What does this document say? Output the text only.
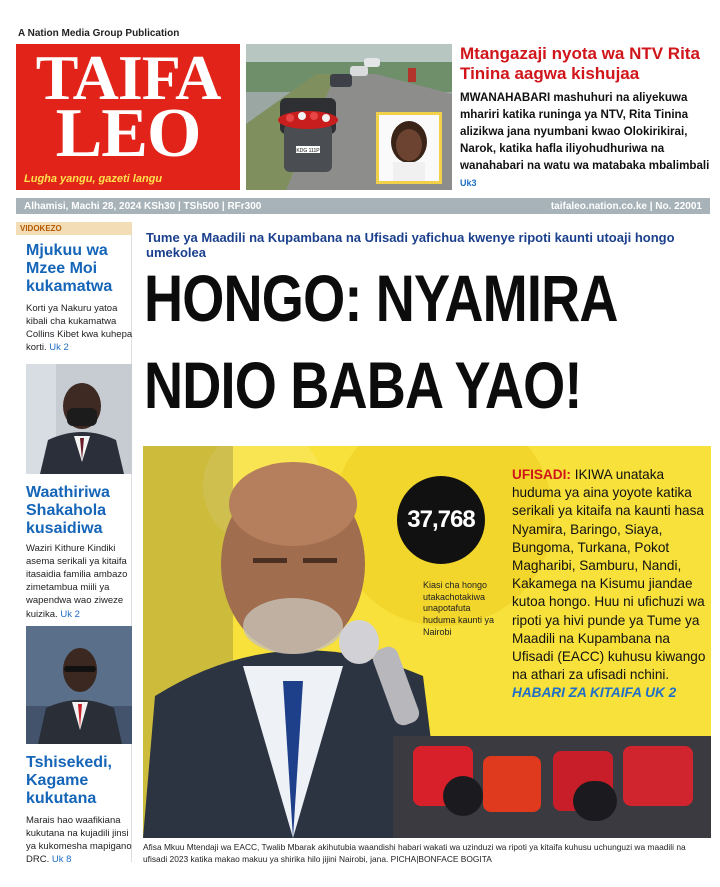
A Nation Media Group Publication
TAIFA
LEO
Lugha yangu, gazeti langu
KDG 111P
Mtangazaji nyota wa NTV Rita Tinina aagwa kishujaa
MWANAHABARI mashuhuri na aliyekuwa mhariri katika runinga ya NTV, Rita Tinina alizikwa jana nyumbani kwao Olokirikirai, Narok, katika hafla iliyohudhuriwa na wanahabari na watu wa matabaka mbalimbali Uk3
Alhamisi, Machi 28, 2024 KSh30 | TSh500 | RFr300	taifaleo.nation.co.ke | No. 22001
VIDOKEZO
Mjukuu wa Mzee Moi kukamatwa
Korti ya Nakuru yatoa kibali cha kukamatwa Collins Kibet kwa kuhepa korti. Uk 2
Waathiriwa Shakahola kusaidiwa
Waziri Kithure Kindiki asema serikali ya kitaifa itasaidia familia ambazo zimetambua miili ya wapendwa wao ziweze kuizika. Uk 2
Tshisekedi, Kagame kukutana
Marais hao waafikiana kukutana na kujadili jinsi ya kukomesha mapigano DRC. Uk 8
Tume ya Maadili na Kupambana na Ufisadi yafichua kwenye ripoti kaunti utoaji hongo umekolea
HONGO: NYAMIRA
NDIO BABA YAO!
37,768
Kiasi cha hongo utakachotakiwa unapotafuta huduma kaunti ya Nairobi
UFISADI: IKIWA unataka huduma ya aina yoyote katika serikali ya kitaifa na kaunti hasa Nyamira, Baringo, Siaya, Bungoma, Turkana, Pokot Magharibi, Samburu, Nandi, Kakamega na Kisumu jiandae kutoa hongo. Huu ni ufichuzi wa ripoti ya hivi punde ya Tume ya Maadili na Kupambana na Ufisadi (EACC) kuhusu kiwango na athari za ufisadi nchini. HABARI ZA KITAIFA UK 2
Afisa Mkuu Mtendaji wa EACC, Twalib Mbarak akihutubia waandishi habari wakati wa uzinduzi wa ripoti ya kitaifa kuhusu uchunguzi wa maadili na ufisadi 2023 katika makao makuu ya shirika hilo jijini Nairobi, jana. PICHA|BONFACE BOGITA
